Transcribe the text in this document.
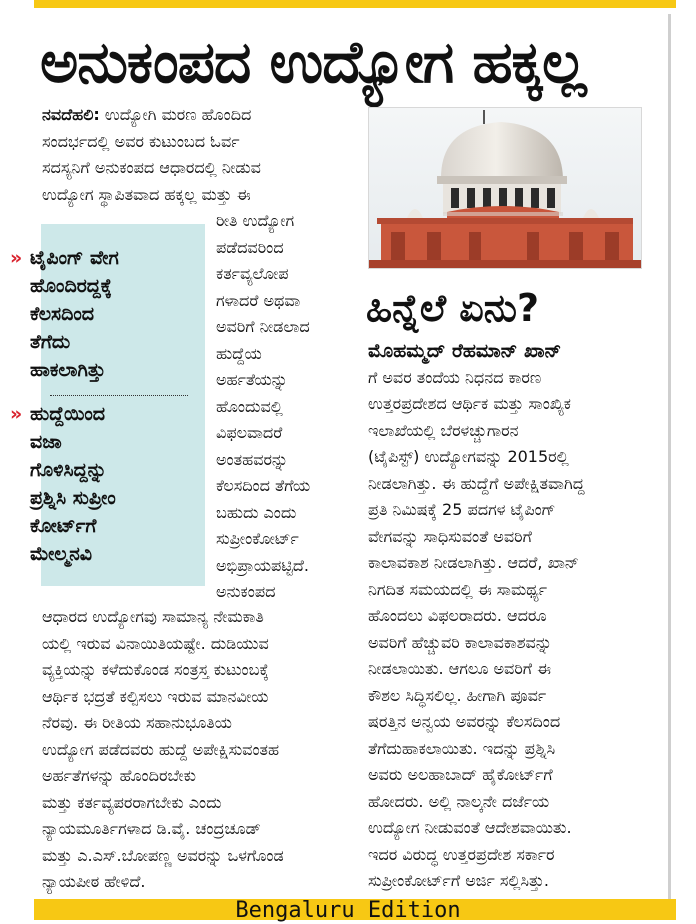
ಅನುಕಂಪದ ಉದ್ಯೋಗ ಹಕ್ಕಲ್ಲ
ನವದೆಹಲಿ: ಉದ್ಯೋಗಿ ಮರಣ ಹೊಂದಿದ
ಸಂದರ್ಭದಲ್ಲಿ ಅವರ ಕುಟುಂಬದ ಓರ್ವ
ಸದಸ್ಯನಿಗೆ ಅನುಕಂಪದ ಆಧಾರದಲ್ಲಿ ನೀಡುವ
ಉದ್ಯೋಗ ಸ್ಥಾಪಿತವಾದ ಹಕ್ಕಲ್ಲ ಮತ್ತು ಈ
» ಟೈಪಿಂಗ್ ವೇಗ
ಹೊಂದಿರದ್ದಕ್ಕೆ
ಕೆಲಸದಿಂದ
ತೆಗೆದು
ಹಾಕಲಾಗಿತ್ತು
» ಹುದ್ದೆಯಿಂದ
ವಜಾ
ಗೊಳಿಸಿದ್ದನ್ನು
ಪ್ರಶ್ನಿಸಿ ಸುಪ್ರೀಂ
ಕೋರ್ಟ್‌ಗೆ
ಮೇಲ್ಮನವಿ
ರೀತಿ ಉದ್ಯೋಗ
ಪಡೆದವರಿಂದ
ಕರ್ತವ್ಯಲೋಪ
ಗಳಾದರೆ ಅಥವಾ
ಅವರಿಗೆ ನೀಡಲಾದ
ಹುದ್ದೆಯ
ಅರ್ಹತೆಯನ್ನು
ಹೊಂದುವಲ್ಲಿ
ವಿಫಲವಾದರೆ
ಅಂತಹವರನ್ನು
ಕೆಲಸದಿಂದ ತೆಗೆಯ
ಬಹುದು ಎಂದು
ಸುಪ್ರೀಂಕೋರ್ಟ್
ಅಭಿಪ್ರಾಯಪಟ್ಟಿದೆ.
ಅನುಕಂಪದ
ಆಧಾರದ ಉದ್ಯೋಗವು ಸಾಮಾನ್ಯ ನೇಮಕಾತಿ
ಯಲ್ಲಿ ಇರುವ ವಿನಾಯಿತಿಯಷ್ಟೇ. ದುಡಿಯುವ
ವ್ಯಕ್ತಿಯನ್ನು ಕಳೆದುಕೊಂಡ ಸಂತ್ರಸ್ತ ಕುಟುಂಬಕ್ಕೆ
ಆರ್ಥಿಕ ಭದ್ರತೆ ಕಲ್ಪಿಸಲು ಇರುವ ಮಾನವೀಯ
ನೆರವು. ಈ ರೀತಿಯ ಸಹಾನುಭೂತಿಯ
ಉದ್ಯೋಗ ಪಡೆದವರು ಹುದ್ದೆ ಅಪೇಕ್ಷಿಸುವಂತಹ
ಅರ್ಹತೆಗಳನ್ನು ಹೊಂದಿರಬೇಕು
ಮತ್ತು ಕರ್ತವ್ಯಪರರಾಗಬೇಕು ಎಂದು
ನ್ಯಾಯಮೂರ್ತಿಗಳಾದ ಡಿ.ವೈ. ಚಂದ್ರಚೂಡ್
ಮತ್ತು ಎ.ಎಸ್.ಬೋಪಣ್ಣ ಅವರನ್ನು ಒಳಗೊಂಡ
ನ್ಯಾಯಪೀಠ ಹೇಳಿದೆ.
ಹಿನ್ನೆಲೆ ಏನು?
ಮೊಹಮ್ಮದ್ ರೆಹಮಾನ್ ಖಾನ್
ಗೆ ಅವರ ತಂದೆಯ ನಿಧನದ ಕಾರಣ
ಉತ್ತರಪ್ರದೇಶದ ಆರ್ಥಿಕ ಮತ್ತು ಸಾಂಖ್ಯಿಕ
ಇಲಾಖೆಯಲ್ಲಿ ಬೆರಳಚ್ಚುಗಾರನ
(ಟೈಪಿಸ್ಟ್) ಉದ್ಯೋಗವನ್ನು 2015ರಲ್ಲಿ
ನೀಡಲಾಗಿತ್ತು. ಈ ಹುದ್ದೆಗೆ ಅಪೇಕ್ಷಿತವಾಗಿದ್ದ
ಪ್ರತಿ ನಿಮಿಷಕ್ಕೆ 25 ಪದಗಳ ಟೈಪಿಂಗ್
ವೇಗವನ್ನು ಸಾಧಿಸುವಂತೆ ಅವರಿಗೆ
ಕಾಲಾವಕಾಶ ನೀಡಲಾಗಿತ್ತು. ಆದರೆ, ಖಾನ್
ನಿಗದಿತ ಸಮಯದಲ್ಲಿ ಈ ಸಾಮರ್ಥ್ಯ
ಹೊಂದಲು ವಿಫಲರಾದರು. ಆದರೂ
ಅವರಿಗೆ ಹೆಚ್ಚುವರಿ ಕಾಲಾವಕಾಶವನ್ನು
ನೀಡಲಾಯಿತು. ಆಗಲೂ ಅವರಿಗೆ ಈ
ಕೌಶಲ ಸಿದ್ಧಿಸಲಿಲ್ಲ. ಹೀಗಾಗಿ ಪೂರ್ವ
ಷರತ್ತಿನ ಅನ್ವಯ ಅವರನ್ನು ಕೆಲಸದಿಂದ
ತೆಗೆದುಹಾಕಲಾಯಿತು. ಇದನ್ನು ಪ್ರಶ್ನಿಸಿ
ಅವರು ಅಲಹಾಬಾದ್ ಹೈಕೋರ್ಟ್‌ಗೆ
ಹೋದರು. ಅಲ್ಲಿ ನಾಲ್ಕನೇ ದರ್ಜೆಯ
ಉದ್ಯೋಗ ನೀಡುವಂತೆ ಆದೇಶವಾಯಿತು.
ಇದರ ವಿರುದ್ಧ ಉತ್ತರಪ್ರದೇಶ ಸರ್ಕಾರ
ಸುಪ್ರೀಂಕೋರ್ಟ್‌ಗೆ ಅರ್ಜಿ ಸಲ್ಲಿಸಿತ್ತು.
Bengaluru Edition
